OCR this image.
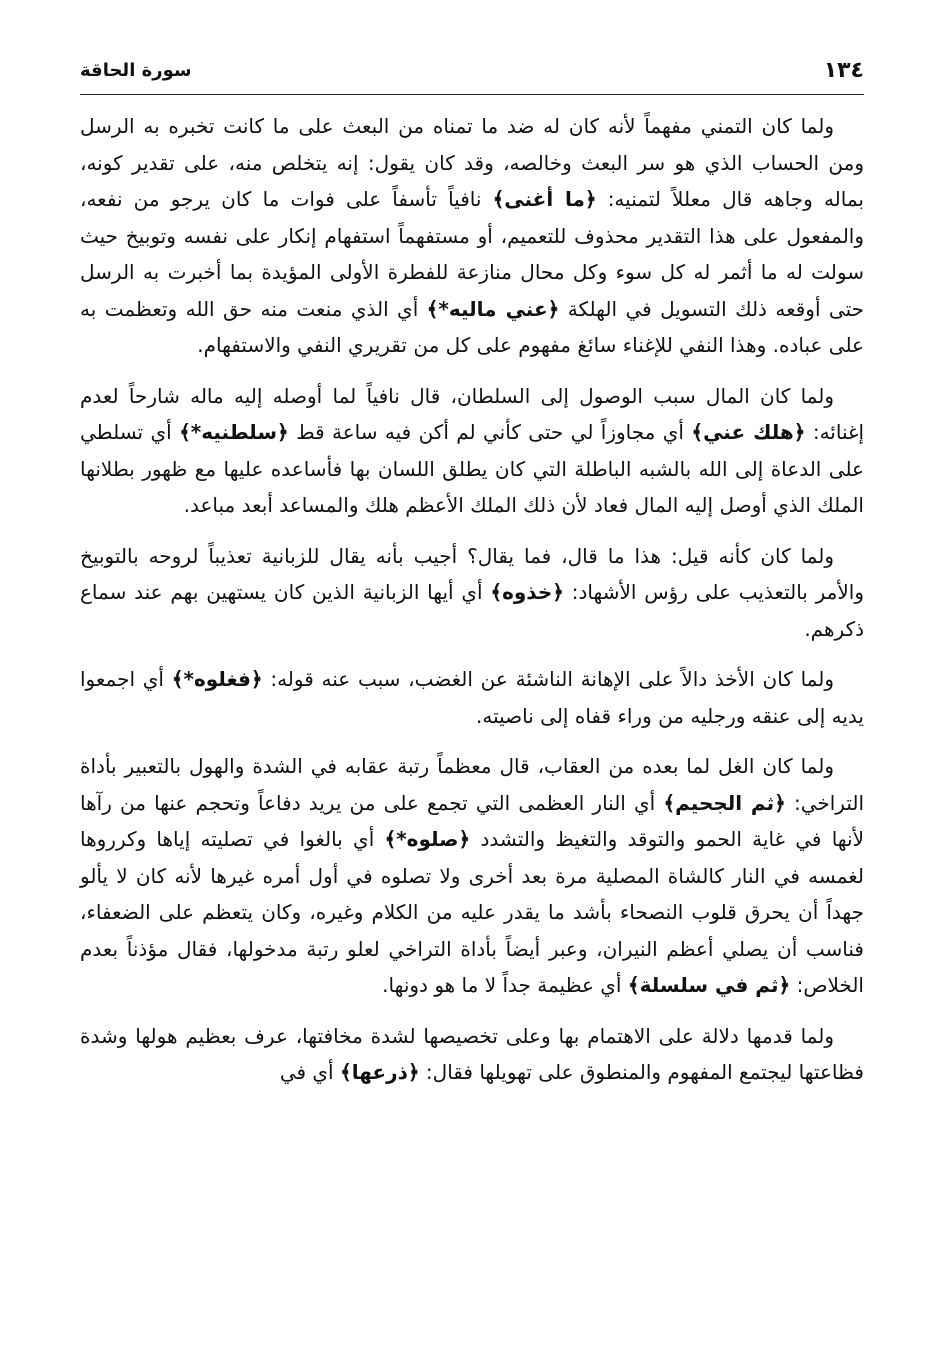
١٣٤
سورة الحاقة

ولما كان التمني مفهماً لأنه كان له ضد ما تمناه من البعث على ما كانت تخبره به الرسل ومن الحساب الذي هو سر البعث وخالصه، وقد كان يقول: إنه يتخلص منه، على تقدير كونه، بماله وجاهه قال معللاً لتمنيه: ﴿ما أغنى﴾ نافياً تأسفاً على فوات ما كان يرجو من نفعه، والمفعول على هذا التقدير محذوف للتعميم، أو مستفهماً استفهام إنكار على نفسه وتوبيخ حيث سولت له ما أثمر له كل سوء وكل محال منازعة للفطرة الأولى المؤيدة بما أخبرت به الرسل حتى أوقعه ذلك التسويل في الهلكة ﴿عني ماليه*﴾ أي الذي منعت منه حق الله وتعظمت به على عباده. وهذا النفي للإغناء سائغ مفهوم على كل من تقريري النفي والاستفهام.

ولما كان المال سبب الوصول إلى السلطان، قال نافياً لما أوصله إليه ماله شارحاً لعدم إغنائه: ﴿هلك عني﴾ أي مجاوزاً لي حتى كأني لم أكن فيه ساعة قط ﴿سلطنيه*﴾ أي تسلطي على الدعاة إلى الله بالشبه الباطلة التي كان يطلق اللسان بها فأساعده عليها مع ظهور بطلانها الملك الذي أوصل إليه المال فعاد لأن ذلك الملك الأعظم هلك والمساعد أبعد مباعد.

ولما كان كأنه قيل: هذا ما قال، فما يقال؟ أجيب بأنه يقال للزبانية تعذيباً لروحه بالتوبيخ والأمر بالتعذيب على رؤس الأشهاد: ﴿خذوه﴾ أي أيها الزبانية الذين كان يستهين بهم عند سماع ذكرهم.

ولما كان الأخذ دالاً على الإهانة الناشئة عن الغضب، سبب عنه قوله: ﴿فغلوه*﴾ أي اجمعوا يديه إلى عنقه ورجليه من وراء قفاه إلى ناصيته.

ولما كان الغل لما بعده من العقاب، قال معظماً رتبة عقابه في الشدة والهول بالتعبير بأداة التراخي: ﴿ثم الجحيم﴾ أي النار العظمى التي تجمع على من يريد دفاعاً وتحجم عنها من رآها لأنها في غاية الحمو والتوقد والتغيظ والتشدد ﴿صلوه*﴾ أي بالغوا في تصليته إياها وكرروها لغمسه في النار كالشاة المصلية مرة بعد أخرى ولا تصلوه في أول أمره غيرها لأنه كان لا يألو جهداً أن يحرق قلوب النصحاء بأشد ما يقدر عليه من الكلام وغيره، وكان يتعظم على الضعفاء، فناسب أن يصلي أعظم النيران، وعبر أيضاً بأداة التراخي لعلو رتبة مدخولها، فقال مؤذناً بعدم الخلاص: ﴿ثم في سلسلة﴾ أي عظيمة جداً لا ما هو دونها.

ولما قدمها دلالة على الاهتمام بها وعلى تخصيصها لشدة مخافتها، عرف بعظيم هولها وشدة فظاعتها ليجتمع المفهوم والمنطوق على تهويلها فقال: ﴿ذرعها﴾ أي في
